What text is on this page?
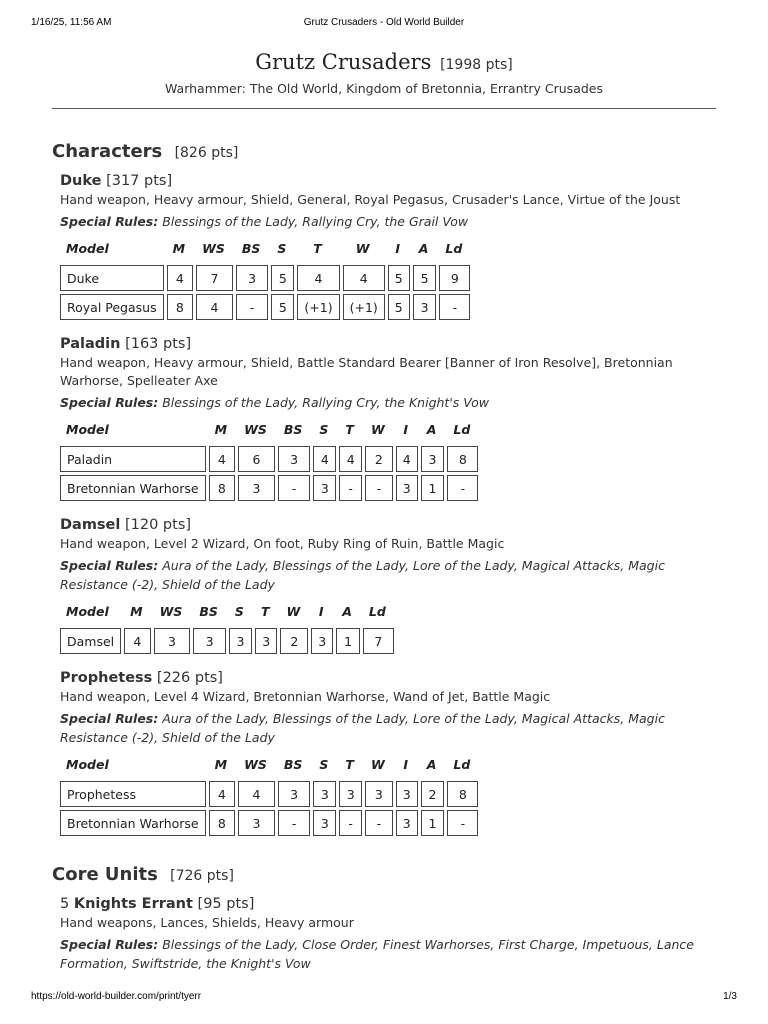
1/16/25, 11:56 AM	Grutz Crusaders - Old World Builder
Grutz Crusaders [1998 pts]
Warhammer: The Old World, Kingdom of Bretonnia, Errantry Crusades
Characters [826 pts]
Duke [317 pts]
Hand weapon, Heavy armour, Shield, General, Royal Pegasus, Crusader's Lance, Virtue of the Joust
Special Rules: Blessings of the Lady, Rallying Cry, the Grail Vow
Model	M	WS	BS	S	T	W	I	A	Ld
Duke	4	7	3	5	4	4	5	5	9
Royal Pegasus	8	4	-	5	(+1)	(+1)	5	3	-
Paladin [163 pts]
Hand weapon, Heavy armour, Shield, Battle Standard Bearer [Banner of Iron Resolve], Bretonnian Warhorse, Spelleater Axe
Special Rules: Blessings of the Lady, Rallying Cry, the Knight's Vow
Model	M	WS	BS	S	T	W	I	A	Ld
Paladin	4	6	3	4	4	2	4	3	8
Bretonnian Warhorse	8	3	-	3	-	-	3	1	-
Damsel [120 pts]
Hand weapon, Level 2 Wizard, On foot, Ruby Ring of Ruin, Battle Magic
Special Rules: Aura of the Lady, Blessings of the Lady, Lore of the Lady, Magical Attacks, Magic Resistance (-2), Shield of the Lady
Model	M	WS	BS	S	T	W	I	A	Ld
Damsel	4	3	3	3	3	2	3	1	7
Prophetess [226 pts]
Hand weapon, Level 4 Wizard, Bretonnian Warhorse, Wand of Jet, Battle Magic
Special Rules: Aura of the Lady, Blessings of the Lady, Lore of the Lady, Magical Attacks, Magic Resistance (-2), Shield of the Lady
Model	M	WS	BS	S	T	W	I	A	Ld
Prophetess	4	4	3	3	3	3	3	2	8
Bretonnian Warhorse	8	3	-	3	-	-	3	1	-
Core Units [726 pts]
5 Knights Errant [95 pts]
Hand weapons, Lances, Shields, Heavy armour
Special Rules: Blessings of the Lady, Close Order, Finest Warhorses, First Charge, Impetuous, Lance Formation, Swiftstride, the Knight's Vow
https://old-world-builder.com/print/tyerr	1/3
